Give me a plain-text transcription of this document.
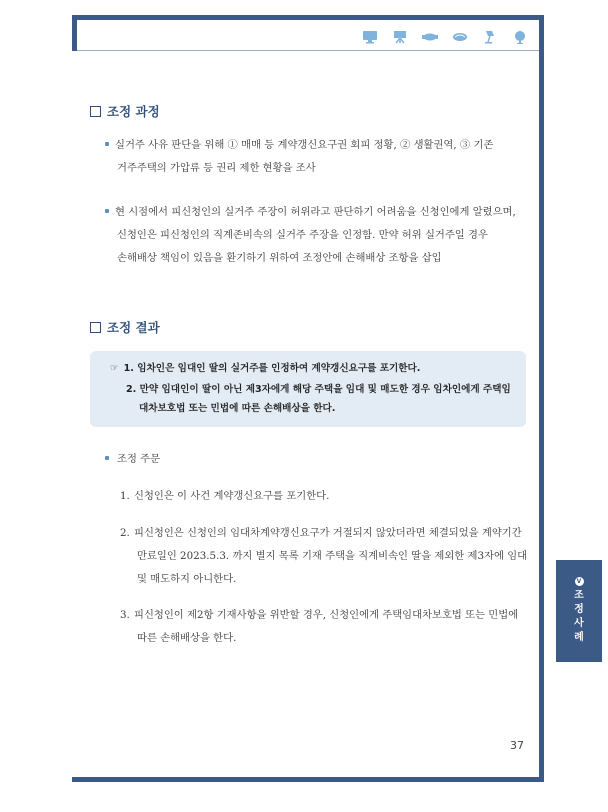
조정 과정
실거주 사유 판단을 위해 ① 매매 등 계약갱신요구권 회피 정황, ② 생활권역, ③ 기존
거주주택의 가압류 등 권리 제한 현황을 조사
현 시점에서 피신청인의 실거주 주장이 허위라고 판단하기 어려움을 신청인에게 알렸으며,
신청인은 피신청인의 직계존비속의 실거주 주장을 인정함. 만약 허위 실거주일 경우
손해배상 책임이 있음을 환기하기 위하여 조정안에 손해배상 조항을 삽입
조정 결과
☞ 1. 임차인은 임대인 딸의 실거주를 인정하여 계약갱신요구를 포기한다.
2. 만약 임대인이 딸이 아닌 제3자에게 해당 주택을 임대 및 매도한 경우 임차인에게 주택임
대차보호법 또는 민법에 따른 손해배상을 한다.
조정 주문
1. 신청인은 이 사건 계약갱신요구를 포기한다.
2. 피신청인은 신청인의 임대차계약갱신요구가 거절되지 않았더라면 체결되었을 계약기간
만료일인 2023.5.3. 까지 별지 목록 기재 주택을 직계비속인 딸을 제외한 제3자에 임대
및 매도하지 아니한다.
3. 피신청인이 제2항 기재사항을 위반할 경우, 신청인에게 주택임대차보호법 또는 민법에
따른 손해배상을 한다.
V
조
정
사
례
37
